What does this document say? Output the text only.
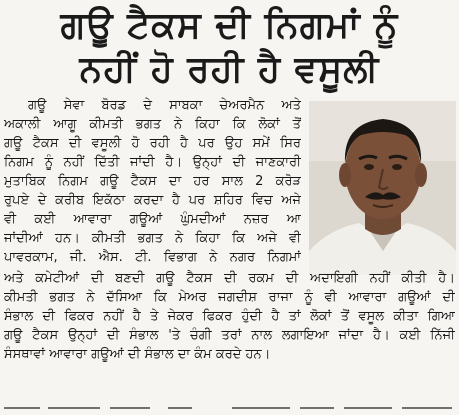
ਗਊ ਟੈਕਸ ਦੀ ਨਿਗਮਾਂ ਨੂੰ
ਨਹੀਂ ਹੋ ਰਹੀ ਹੈ ਵਸੂਲੀ
ਗਊ ਸੇਵਾ ਬੋਰਡ ਦੇ ਸਾਬਕਾ ਚੇਅਰਮੈਨ ਅਤੇ
ਅਕਾਲੀ ਆਗੂ ਕੀਮਤੀ ਭਗਤ ਨੇ ਕਿਹਾ ਕਿ ਲੋਕਾਂ ਤੋਂ
ਗਊ ਟੈਕਸ ਦੀ ਵਸੂਲੀ ਹੋ ਰਹੀ ਹੈ ਪਰ ਉਹ ਸਮੇਂ ਸਿਰ
ਨਿਗਮ ਨੂੰ ਨਹੀਂ ਦਿੱਤੀ ਜਾਂਦੀ ਹੈ। ਉਨ੍ਹਾਂ ਦੀ ਜਾਣਕਾਰੀ
ਮੁਤਾਬਿਕ ਨਿਗਮ ਗਊ ਟੈਕਸ ਦਾ ਹਰ ਸਾਲ 2 ਕਰੋੜ
ਰੁਪਏ ਦੇ ਕਰੀਬ ਇਕੱਠਾ ਕਰਦਾ ਹੈ ਪਰ ਸ਼ਹਿਰ ਵਿਚ ਅਜੇ
ਵੀ ਕਈ ਆਵਾਰਾ ਗਊਆਂ ਘੁੰਮਦੀਆਂ ਨਜ਼ਰ ਆ
ਜਾਂਦੀਆਂ ਹਨ। ਕੀਮਤੀ ਭਗਤ ਨੇ ਕਿਹਾ ਕਿ ਅਜੇ ਵੀ
ਪਾਵਰਕਾਮ, ਜੀ. ਐਸ. ਟੀ. ਵਿਭਾਗ ਨੇ ਨਗਰ ਨਿਗਮਾਂ
ਅਤੇ ਕਮੇਟੀਆਂ ਦੀ ਬਣਦੀ ਗਊ ਟੈਕਸ ਦੀ ਰਕਮ ਦੀ ਅਦਾਇਗੀ ਨਹੀਂ ਕੀਤੀ ਹੈ।
ਕੀਮਤੀ ਭਗਤ ਨੇ ਦੱਸਿਆ ਕਿ ਮੇਅਰ ਜਗਦੀਸ਼ ਰਾਜਾ ਨੂੰ ਵੀ ਆਵਾਰਾ ਗਊਆਂ ਦੀ
ਸੰਭਾਲ ਦੀ ਫਿਕਰ ਨਹੀਂ ਹੈ ਤੇ ਜੇਕਰ ਫਿਕਰ ਹੁੰਦੀ ਹੈ ਤਾਂ ਲੋਕਾਂ ਤੋਂ ਵਸੂਲ ਕੀਤਾ ਗਿਆ
ਗਊ ਟੈਕਸ ਉਨ੍ਹਾਂ ਦੀ ਸੰਭਾਲ 'ਤੇ ਚੰਗੀ ਤਰਾਂ ਨਾਲ ਲਗਾਇਆ ਜਾਂਦਾ ਹੈ। ਕਈ ਨਿੱਜੀ
ਸੰਸਥਾਵਾਂ ਆਵਾਰਾ ਗਊਆਂ ਦੀ ਸੰਭਾਲ ਦਾ ਕੰਮ ਕਰਦੇ ਹਨ।
